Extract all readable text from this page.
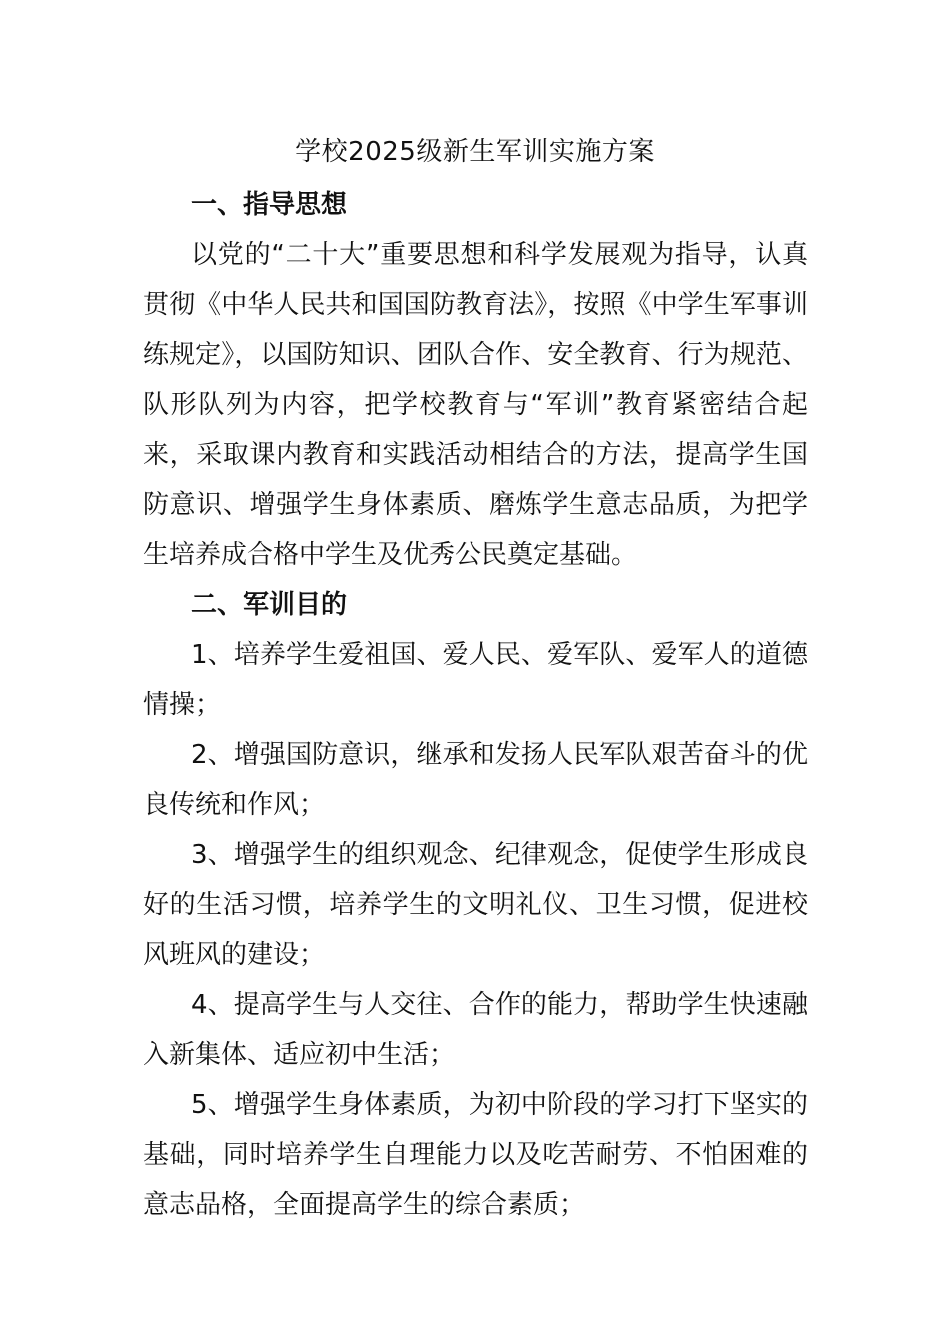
学校2025级新生军训实施方案
一、指导思想

以党的“二十大”重要思想和科学发展观为指导，认真贯彻《中华人民共和国国防教育法》，按照《中学生军事训练规定》，以国防知识、团队合作、安全教育、行为规范、队形队列为内容，把学校教育与“军训”教育紧密结合起来，采取课内教育和实践活动相结合的方法，提高学生国防意识、增强学生身体素质、磨炼学生意志品质，为把学生培养成合格中学生及优秀公民奠定基础。

二、军训目的

1、培养学生爱祖国、爱人民、爱军队、爱军人的道德情操；

2、增强国防意识，继承和发扬人民军队艰苦奋斗的优良传统和作风；

3、增强学生的组织观念、纪律观念，促使学生形成良好的生活习惯，培养学生的文明礼仪、卫生习惯，促进校风班风的建设；

4、提高学生与人交往、合作的能力，帮助学生快速融入新集体、适应初中生活；

5、增强学生身体素质，为初中阶段的学习打下坚实的基础，同时培养学生自理能力以及吃苦耐劳、不怕困难的意志品格，全面提高学生的综合素质；
